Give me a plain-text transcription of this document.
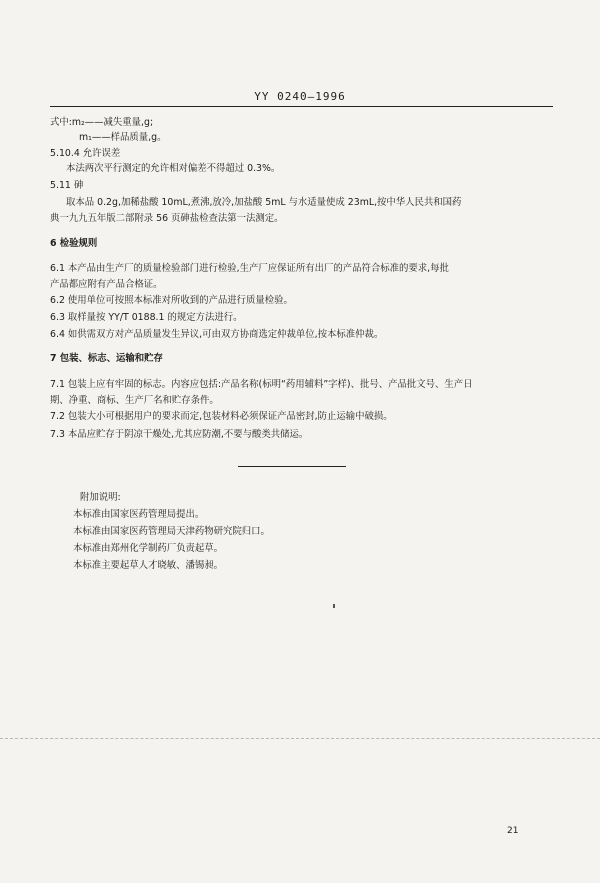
YY 0240—1996
式中:m₂——减失重量,g;
m₁——样品质量,g。
5.10.4 允许误差
本法两次平行测定的允许相对偏差不得超过 0.3%。
5.11 砷
取本品 0.2g,加稀盐酸 10mL,煮沸,放冷,加盐酸 5mL 与水适量使成 23mL,按中华人民共和国药
典一九九五年版二部附录 56 页砷盐检查法第一法测定。
6 检验规则
6.1 本产品由生产厂的质量检验部门进行检验,生产厂应保证所有出厂的产品符合标准的要求,每批
产品都应附有产品合格证。
6.2 使用单位可按照本标准对所收到的产品进行质量检验。
6.3 取样量按 YY/T 0188.1 的规定方法进行。
6.4 如供需双方对产品质量发生异议,可由双方协商选定仲裁单位,按本标准仲裁。
7 包装、标志、运输和贮存
7.1 包装上应有牢固的标志。内容应包括:产品名称(标明“药用辅料”字样)、批号、产品批文号、生产日
期、净重、商标、生产厂名和贮存条件。
7.2 包装大小可根据用户的要求而定,包装材料必须保证产品密封,防止运输中破损。
7.3 本品应贮存于阴凉干燥处,尤其应防潮,不要与酸类共储运。
附加说明:
本标准由国家医药管理局提出。
本标准由国家医药管理局天津药物研究院归口。
本标准由郑州化学制药厂负责起草。
本标准主要起草人才晓敏、潘锡昶。
21
